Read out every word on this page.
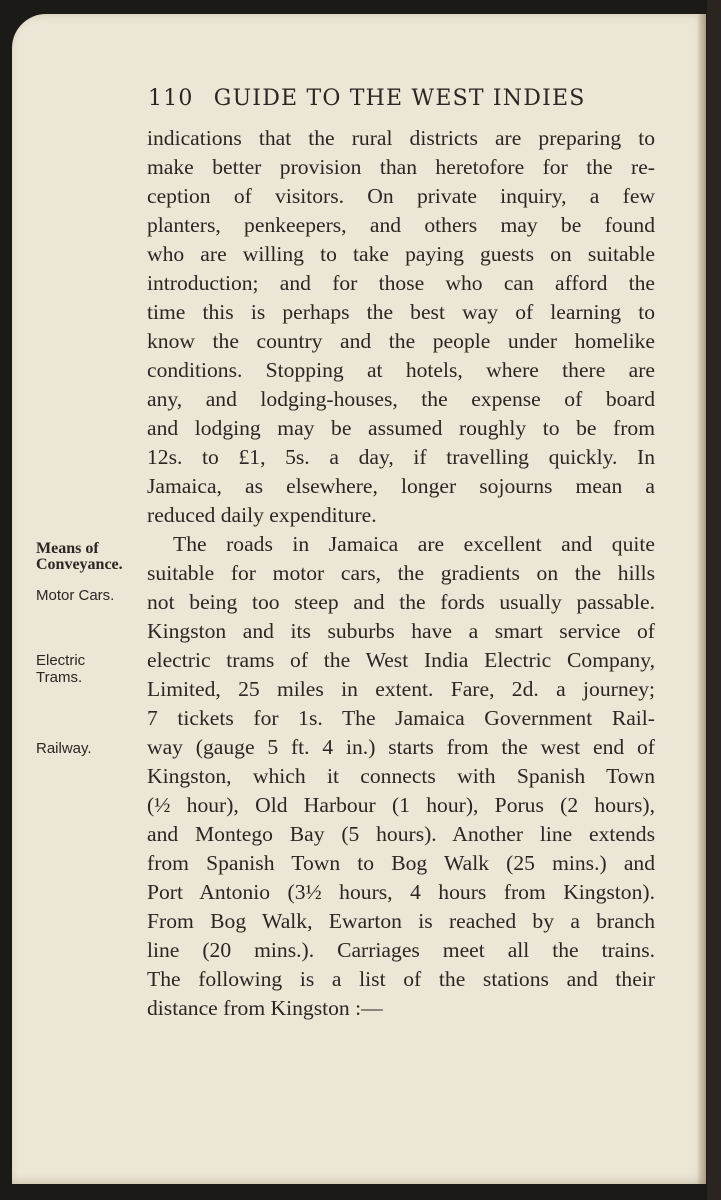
110 GUIDE TO THE WEST INDIES
Means of
Conveyance.
Motor Cars.
Electric
Trams.
Railway.
indications that the rural districts are preparing to
make better provision than heretofore for the re-
ception of visitors. On private inquiry, a few
planters, penkeepers, and others may be found
who are willing to take paying guests on suitable
introduction; and for those who can afford the
time this is perhaps the best way of learning to
know the country and the people under homelike
conditions. Stopping at hotels, where there are
any, and lodging-houses, the expense of board
and lodging may be assumed roughly to be from
12s. to £1, 5s. a day, if travelling quickly. In
Jamaica, as elsewhere, longer sojourns mean a
reduced daily expenditure.
The roads in Jamaica are excellent and quite
suitable for motor cars, the gradients on the hills
not being too steep and the fords usually passable.
Kingston and its suburbs have a smart service of
electric trams of the West India Electric Company,
Limited, 25 miles in extent. Fare, 2d. a journey;
7 tickets for 1s. The Jamaica Government Rail-
way (gauge 5 ft. 4 in.) starts from the west end of
Kingston, which it connects with Spanish Town
(½ hour), Old Harbour (1 hour), Porus (2 hours),
and Montego Bay (5 hours). Another line extends
from Spanish Town to Bog Walk (25 mins.) and
Port Antonio (3½ hours, 4 hours from Kingston).
From Bog Walk, Ewarton is reached by a branch
line (20 mins.). Carriages meet all the trains.
The following is a list of the stations and their
distance from Kingston :—
